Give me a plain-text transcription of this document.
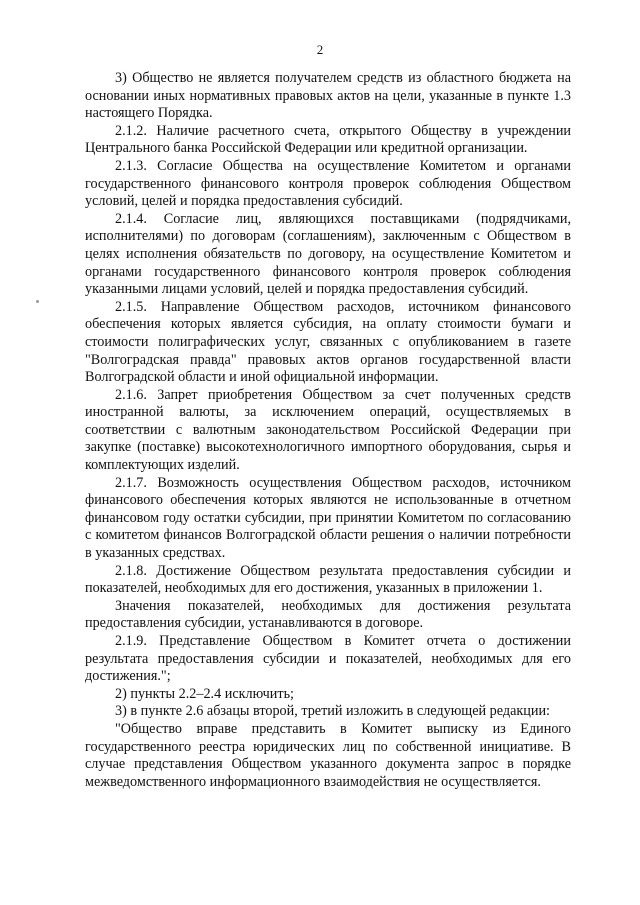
2

3) Общество не является получателем средств из областного бюджета на основании иных нормативных правовых актов на цели, указанные в пункте 1.3 настоящего Порядка.

2.1.2. Наличие расчетного счета, открытого Обществу в учреждении Центрального банка Российской Федерации или кредитной организации.

2.1.3. Согласие Общества на осуществление Комитетом и органами государственного финансового контроля проверок соблюдения Обществом условий, целей и порядка предоставления субсидий.

2.1.4. Согласие лиц, являющихся поставщиками (подрядчиками, исполнителями) по договорам (соглашениям), заключенным с Обществом в целях исполнения обязательств по договору, на осуществление Комитетом и органами государственного финансового контроля проверок соблюдения указанными лицами условий, целей и порядка предоставления субсидий.

2.1.5. Направление Обществом расходов, источником финансового обеспечения которых является субсидия, на оплату стоимости бумаги и стоимости полиграфических услуг, связанных с опубликованием в газете "Волгоградская правда" правовых актов органов государственной власти Волгоградской области и иной официальной информации.

2.1.6. Запрет приобретения Обществом за счет полученных средств иностранной валюты, за исключением операций, осуществляемых в соответствии с валютным законодательством Российской Федерации при закупке (поставке) высокотехнологичного импортного оборудования, сырья и комплектующих изделий.

2.1.7. Возможность осуществления Обществом расходов, источником финансового обеспечения которых являются не использованные в отчетном финансовом году остатки субсидии, при принятии Комитетом по согласованию с комитетом финансов Волгоградской области решения о наличии потребности в указанных средствах.

2.1.8. Достижение Обществом результата предоставления субсидии и показателей, необходимых для его достижения, указанных в приложении 1.

Значения показателей, необходимых для достижения результата предоставления субсидии, устанавливаются в договоре.

2.1.9. Представление Обществом в Комитет отчета о достижении результата предоставления субсидии и показателей, необходимых для его достижения.";

2) пункты 2.2–2.4 исключить;

3) в пункте 2.6 абзацы второй, третий изложить в следующей редакции:

"Общество вправе представить в Комитет выписку из Единого государственного реестра юридических лиц по собственной инициативе. В случае представления Обществом указанного документа запрос в порядке межведомственного информационного взаимодействия не осуществляется.
